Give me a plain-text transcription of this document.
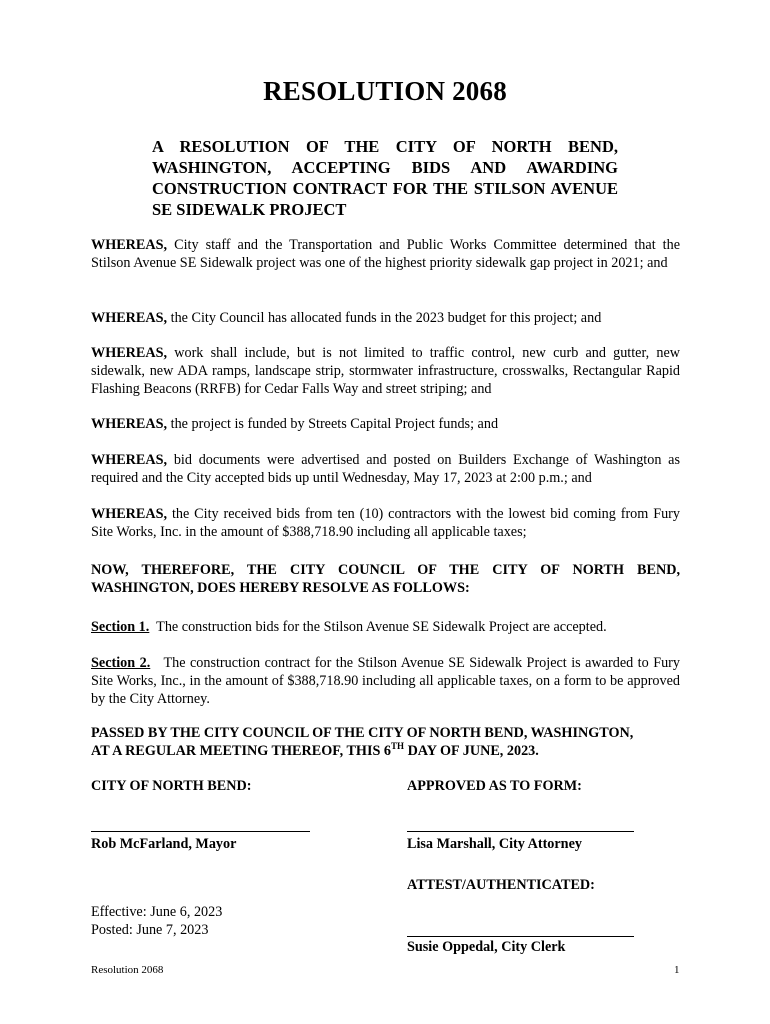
RESOLUTION 2068
A RESOLUTION OF THE CITY OF NORTH BEND, WASHINGTON, ACCEPTING BIDS AND AWARDING CONSTRUCTION CONTRACT FOR THE STILSON AVENUE SE SIDEWALK PROJECT
WHEREAS, City staff and the Transportation and Public Works Committee determined that the Stilson Avenue SE Sidewalk project was one of the highest priority sidewalk gap project in 2021; and
WHEREAS, the City Council has allocated funds in the 2023 budget for this project; and
WHEREAS, work shall include, but is not limited to traffic control, new curb and gutter, new sidewalk, new ADA ramps, landscape strip, stormwater infrastructure, crosswalks, Rectangular Rapid Flashing Beacons (RRFB) for Cedar Falls Way and street striping; and
WHEREAS, the project is funded by Streets Capital Project funds; and
WHEREAS, bid documents were advertised and posted on Builders Exchange of Washington as required and the City accepted bids up until Wednesday, May 17, 2023 at 2:00 p.m.; and
WHEREAS, the City received bids from ten (10) contractors with the lowest bid coming from Fury Site Works, Inc. in the amount of $388,718.90 including all applicable taxes;
NOW, THEREFORE, THE CITY COUNCIL OF THE CITY OF NORTH BEND, WASHINGTON, DOES HEREBY RESOLVE AS FOLLOWS:
Section 1.  The construction bids for the Stilson Avenue SE Sidewalk Project are accepted.
Section 2.   The construction contract for the Stilson Avenue SE Sidewalk Project is awarded to Fury Site Works, Inc., in the amount of $388,718.90 including all applicable taxes, on a form to be approved by the City Attorney.
PASSED BY THE CITY COUNCIL OF THE CITY OF NORTH BEND, WASHINGTON,
AT A REGULAR MEETING THEREOF, THIS 6TH DAY OF JUNE, 2023.
CITY OF NORTH BEND:	APPROVED AS TO FORM:
Rob McFarland, Mayor	Lisa Marshall, City Attorney
ATTEST/AUTHENTICATED:
Effective: June 6, 2023
Posted: June 7, 2023
Susie Oppedal, City Clerk
Resolution 2068	1
